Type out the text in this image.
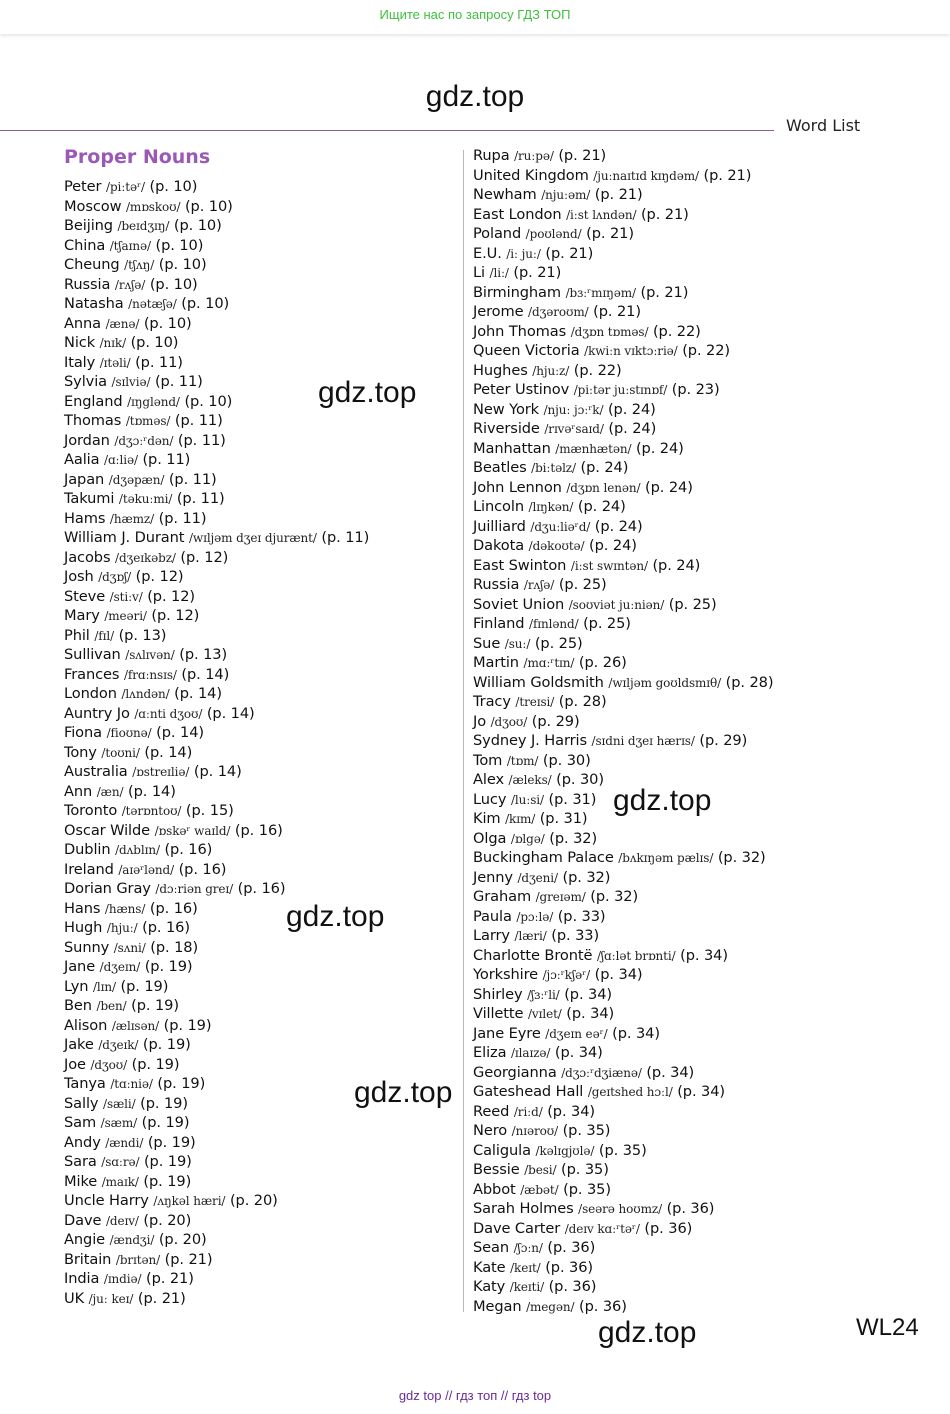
Ищите нас по запросу ГДЗ ТОП
gdz.top
Word List
Proper Nouns
Peter /piːtəʳ/ (p. 10)
Moscow /mɒskoʊ/ (p. 10)
Beijing /beɪdʒɪŋ/ (p. 10)
China /tʃaɪnə/ (p. 10)
Cheung /tʃʌŋ/ (p. 10)
Russia /rʌʃə/ (p. 10)
Natasha /nətæʃə/ (p. 10)
Anna /ænə/ (p. 10)
Nick /nɪk/ (p. 10)
Italy /ɪtəli/ (p. 11)
Sylvia /sɪlviə/ (p. 11)
England /ɪŋglənd/ (p. 10)
Thomas /tɒməs/ (p. 11)
Jordan /dʒɔːʳdən/ (p. 11)
Aalia /ɑːliə/ (p. 11)
Japan /dʒəpæn/ (p. 11)
Takumi /təkuːmi/ (p. 11)
Hams /hæmz/ (p. 11)
William J. Durant /wɪljəm dʒeɪ djurænt/ (p. 11)
Jacobs /dʒeɪkəbz/ (p. 12)
Josh /dʒɒʃ/ (p. 12)
Steve /stiːv/ (p. 12)
Mary /meəri/ (p. 12)
Phil /fɪl/ (p. 13)
Sullivan /sʌlɪvən/ (p. 13)
Frances /frɑːnsɪs/ (p. 14)
London /lʌndən/ (p. 14)
Auntry Jo /ɑːnti dʒoʊ/ (p. 14)
Fiona /fioʊnə/ (p. 14)
Tony /toʊni/ (p. 14)
Australia /ɒstreɪliə/ (p. 14)
Ann /æn/ (p. 14)
Toronto /tərɒntoʊ/ (p. 15)
Oscar Wilde /ɒskəʳ waɪld/ (p. 16)
Dublin /dʌblɪn/ (p. 16)
Ireland /aɪəʳlənd/ (p. 16)
Dorian Gray /dɔːriən greɪ/ (p. 16)
Hans /hæns/ (p. 16)
Hugh /hjuː/ (p. 16)
Sunny /sʌni/ (p. 18)
Jane /dʒeɪn/ (p. 19)
Lyn /lɪn/ (p. 19)
Ben /ben/ (p. 19)
Alison /ælɪsən/ (p. 19)
Jake /dʒeɪk/ (p. 19)
Joe /dʒoʊ/ (p. 19)
Tanya /tɑːniə/ (p. 19)
Sally /sæli/ (p. 19)
Sam /sæm/ (p. 19)
Andy /ændi/ (p. 19)
Sara /sɑːrə/ (p. 19)
Mike /maɪk/ (p. 19)
Uncle Harry /ʌŋkəl hæri/ (p. 20)
Dave /deɪv/ (p. 20)
Angie /ændʒi/ (p. 20)
Britain /brɪtən/ (p. 21)
India /ɪndiə/ (p. 21)
UK /juː keɪ/ (p. 21)
Rupa /ruːpə/ (p. 21)
United Kingdom /juːnaɪtɪd kɪŋdəm/ (p. 21)
Newham /njuːəm/ (p. 21)
East London /iːst lʌndən/ (p. 21)
Poland /poʊlənd/ (p. 21)
E.U. /iː juː/ (p. 21)
Li /liː/ (p. 21)
Birmingham /bɜːʳmɪŋəm/ (p. 21)
Jerome /dʒəroʊm/ (p. 21)
John Thomas /dʒɒn tɒməs/ (p. 22)
Queen Victoria /kwiːn vɪktɔːriə/ (p. 22)
Hughes /hjuːz/ (p. 22)
Peter Ustinov /piːtər juːstɪnɒf/ (p. 23)
New York /njuː jɔːʳk/ (p. 24)
Riverside /rɪvəʳsaɪd/ (p. 24)
Manhattan /mænhætən/ (p. 24)
Beatles /biːtəlz/ (p. 24)
John Lennon /dʒɒn lenən/ (p. 24)
Lincoln /lɪŋkən/ (p. 24)
Juilliard /dʒuːliəʳd/ (p. 24)
Dakota /dəkoʊtə/ (p. 24)
East Swinton /iːst swɪntən/ (p. 24)
Russia /rʌʃə/ (p. 25)
Soviet Union /soʊviət juːniən/ (p. 25)
Finland /fɪnlənd/ (p. 25)
Sue /suː/ (p. 25)
Martin /mɑːʳtɪn/ (p. 26)
William Goldsmith /wɪljəm goʊldsmɪθ/ (p. 28)
Tracy /treɪsi/ (p. 28)
Jo /dʒoʊ/ (p. 29)
Sydney J. Harris /sɪdni dʒeɪ hærɪs/ (p. 29)
Tom /tɒm/ (p. 30)
Alex /æleks/ (p. 30)
Lucy /luːsi/ (p. 31)
Kim /kɪm/ (p. 31)
Olga /ɒlgə/ (p. 32)
Buckingham Palace /bʌkɪŋəm pælɪs/ (p. 32)
Jenny /dʒeni/ (p. 32)
Graham /greɪəm/ (p. 32)
Paula /pɔːlə/ (p. 33)
Larry /læri/ (p. 33)
Charlotte Brontë /ʃɑːlət brɒnti/ (p. 34)
Yorkshire /jɔːʳkʃəʳ/ (p. 34)
Shirley /ʃɜːʳli/ (p. 34)
Villette /vɪlet/ (p. 34)
Jane Eyre /dʒeɪn eəʳ/ (p. 34)
Eliza /ɪlaɪzə/ (p. 34)
Georgianna /dʒɔːʳdʒiænə/ (p. 34)
Gateshead Hall /geɪtshed hɔːl/ (p. 34)
Reed /riːd/ (p. 34)
Nero /nɪəroʊ/ (p. 35)
Caligula /kəlɪgjʊlə/ (p. 35)
Bessie /besi/ (p. 35)
Abbot /æbət/ (p. 35)
Sarah Holmes /seərə hoʊmz/ (p. 36)
Dave Carter /deɪv kɑːʳtəʳ/ (p. 36)
Sean /ʃɔːn/ (p. 36)
Kate /keɪt/ (p. 36)
Katy /keɪti/ (p. 36)
Megan /megən/ (p. 36)
gdz.top
gdz.top
gdz.top
gdz.top
gdz.top	WL24
gdz top // гдз топ // гдз top
